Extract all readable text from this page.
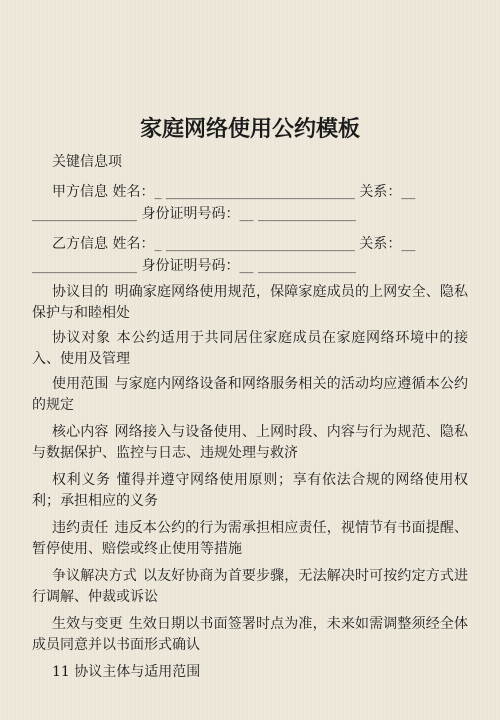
家庭网络使用公约模板
关键信息项
甲方信息 姓名：_ ___________________________ 关系：__
_______________ 身份证明号码：__ ______________
乙方信息 姓名：_ ___________________________ 关系：__
_______________ 身份证明号码：__ ______________
协议目的 明确家庭网络使用规范，保障家庭成员的上网安全、隐私保护与和睦相处
协议对象 本公约适用于共同居住家庭成员在家庭网络环境中的接入、使用及管理
使用范围 与家庭内网络设备和网络服务相关的活动均应遵循本公约的规定
核心内容 网络接入与设备使用、上网时段、内容与行为规范、隐私与数据保护、监控与日志、违规处理与救济
权利义务 懂得并遵守网络使用原则；享有依法合规的网络使用权利；承担相应的义务
违约责任 违反本公约的行为需承担相应责任，视情节有书面提醒、暂停使用、赔偿或终止使用等措施
争议解决方式 以友好协商为首要步骤，无法解决时可按约定方式进行调解、仲裁或诉讼
生效与变更 生效日期以书面签署时点为准，未来如需调整须经全体成员同意并以书面形式确认
11 协议主体与适用范围
